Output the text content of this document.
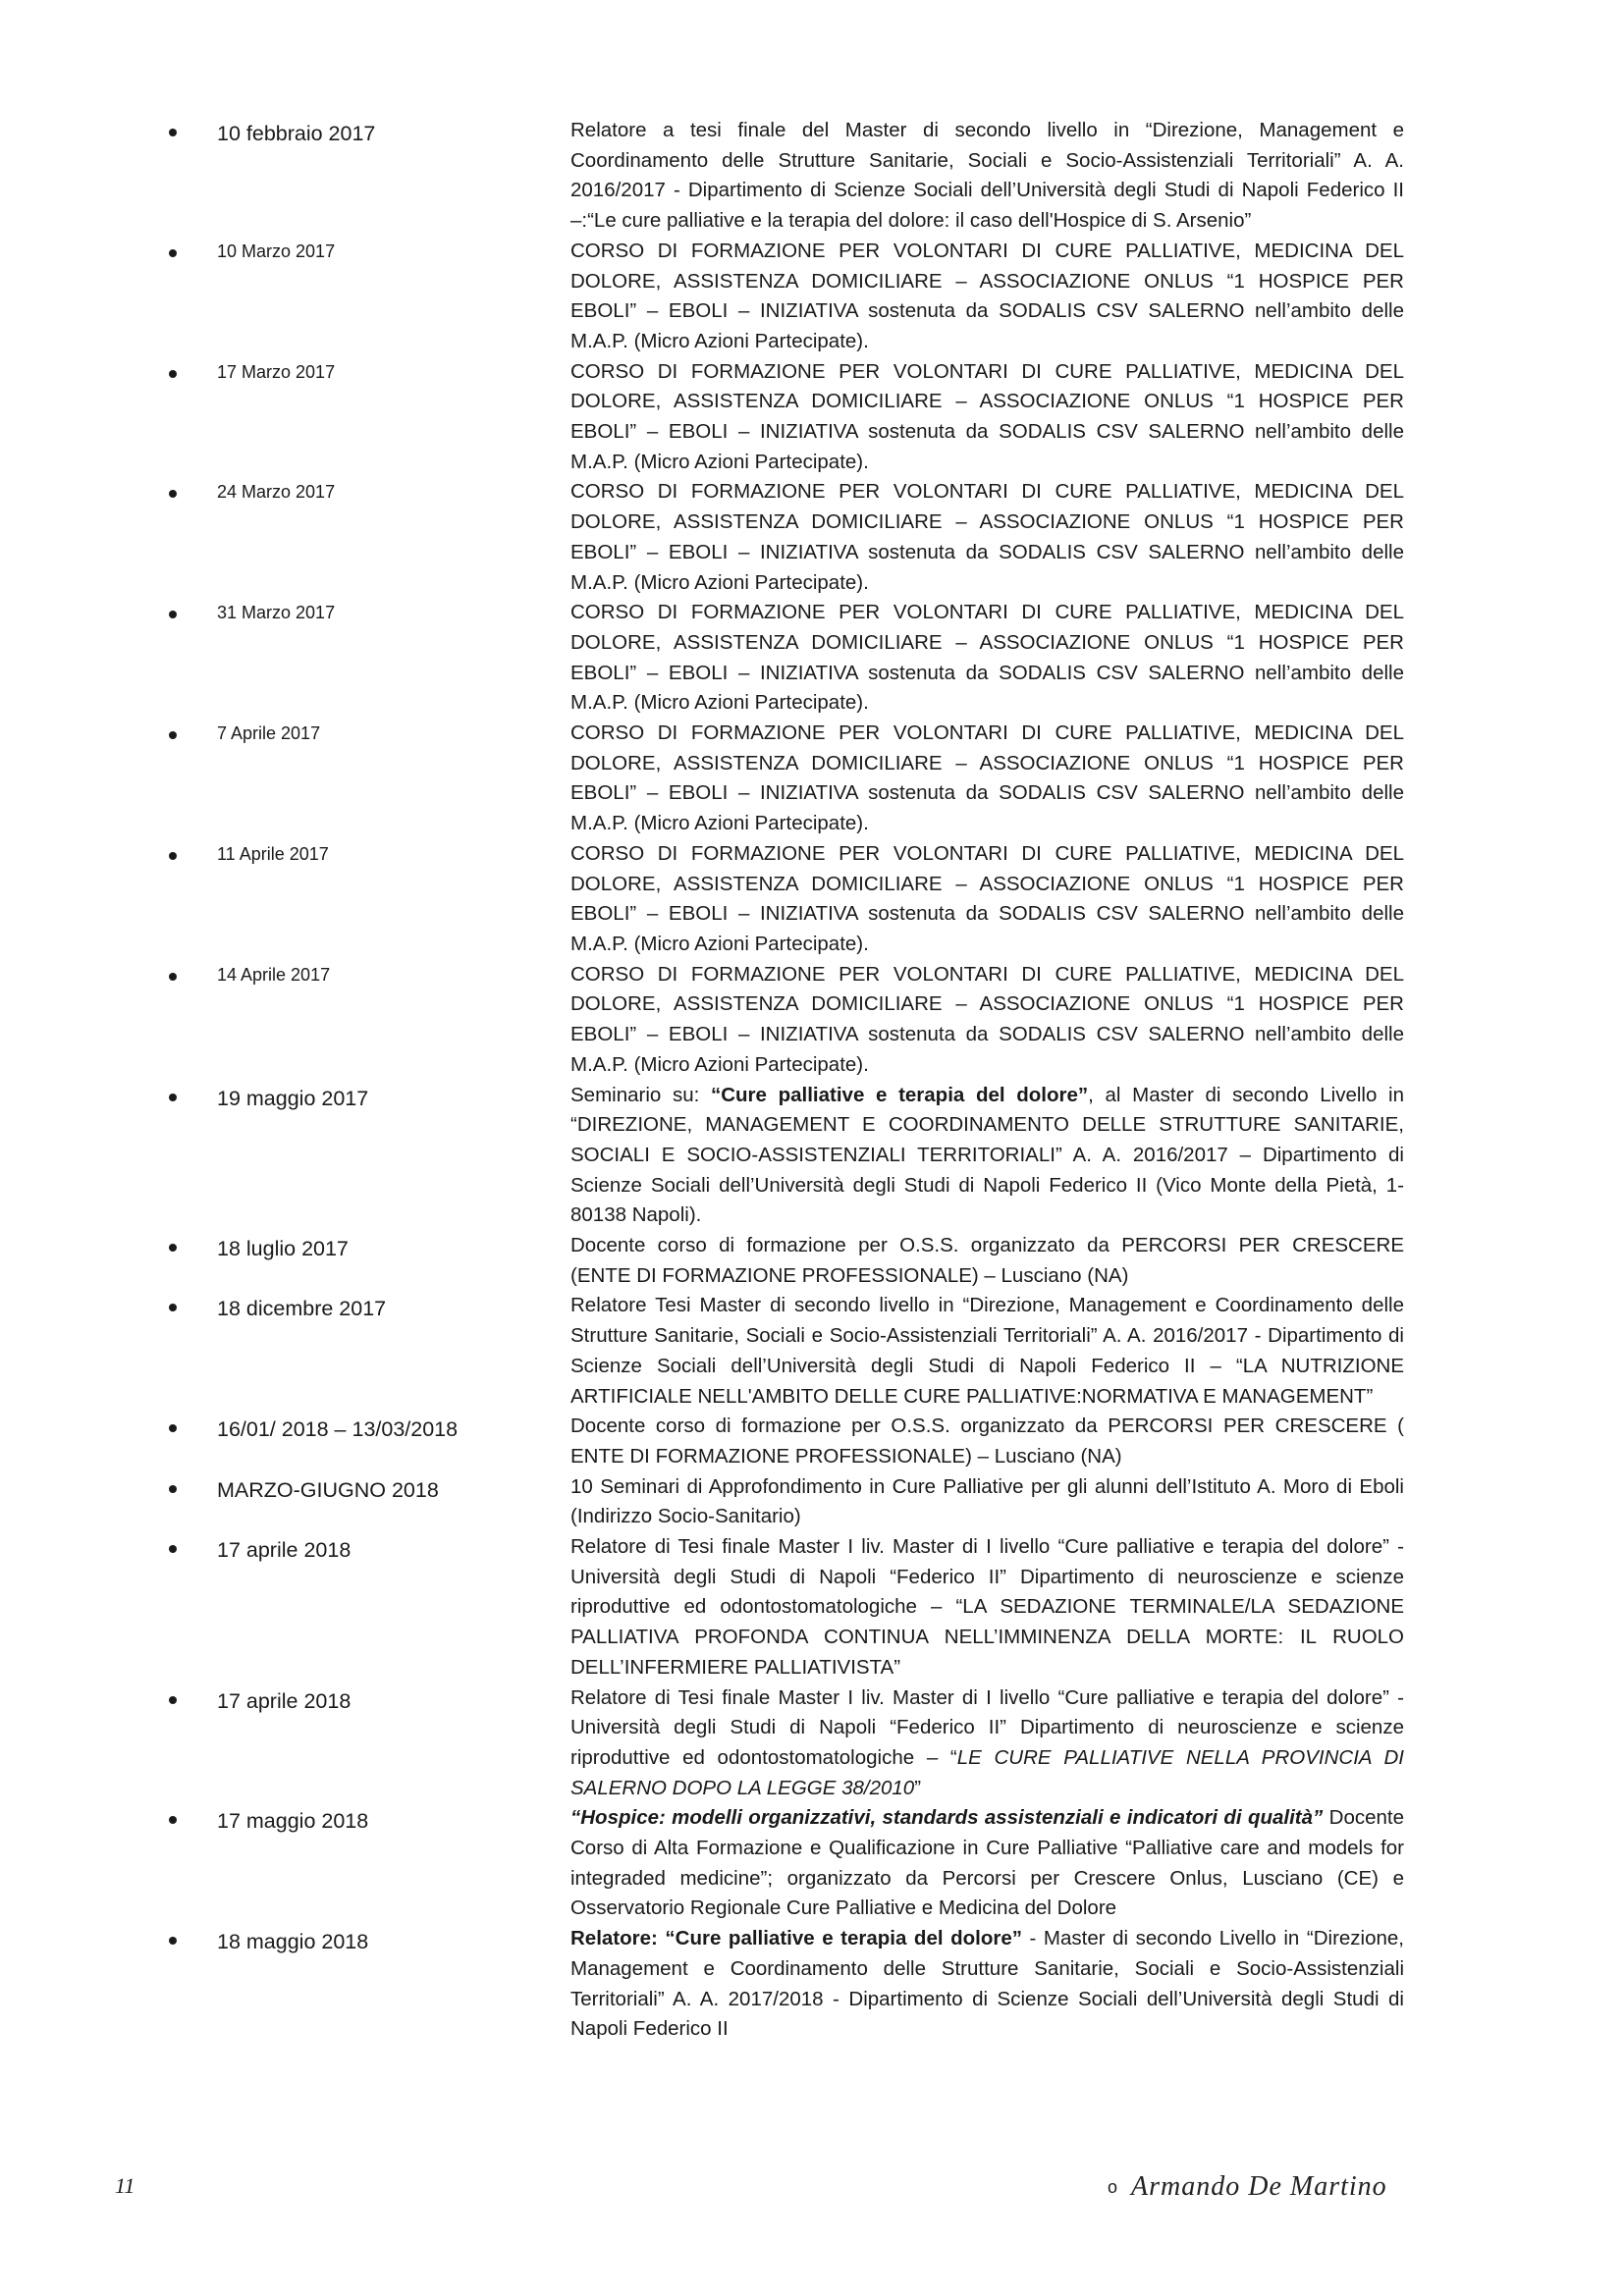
10 febbraio 2017	Relatore a tesi finale del Master di secondo livello in “Direzione, Management e Coordinamento delle Strutture Sanitarie, Sociali e Socio-Assistenziali Territoriali” A. A. 2016/2017 - Dipartimento di Scienze Sociali dell’Università degli Studi di Napoli Federico II –:“Le cure palliative e la terapia del dolore: il caso dell'Hospice di S. Arsenio”
10 Marzo 2017	CORSO DI FORMAZIONE PER VOLONTARI DI CURE PALLIATIVE, MEDICINA DEL DOLORE, ASSISTENZA DOMICILIARE – ASSOCIAZIONE ONLUS “1 HOSPICE PER EBOLI” – EBOLI – INIZIATIVA sostenuta da SODALIS CSV SALERNO nell’ambito delle M.A.P. (Micro Azioni Partecipate).
17 Marzo 2017	CORSO DI FORMAZIONE PER VOLONTARI DI CURE PALLIATIVE, MEDICINA DEL DOLORE, ASSISTENZA DOMICILIARE – ASSOCIAZIONE ONLUS “1 HOSPICE PER EBOLI” – EBOLI – INIZIATIVA sostenuta da SODALIS CSV SALERNO nell’ambito delle M.A.P. (Micro Azioni Partecipate).
24 Marzo 2017	CORSO DI FORMAZIONE PER VOLONTARI DI CURE PALLIATIVE, MEDICINA DEL DOLORE, ASSISTENZA DOMICILIARE – ASSOCIAZIONE ONLUS “1 HOSPICE PER EBOLI” – EBOLI – INIZIATIVA sostenuta da SODALIS CSV SALERNO nell’ambito delle M.A.P. (Micro Azioni Partecipate).
31 Marzo 2017	CORSO DI FORMAZIONE PER VOLONTARI DI CURE PALLIATIVE, MEDICINA DEL DOLORE, ASSISTENZA DOMICILIARE – ASSOCIAZIONE ONLUS “1 HOSPICE PER EBOLI” – EBOLI – INIZIATIVA sostenuta da SODALIS CSV SALERNO nell’ambito delle M.A.P. (Micro Azioni Partecipate).
7 Aprile 2017	CORSO DI FORMAZIONE PER VOLONTARI DI CURE PALLIATIVE, MEDICINA DEL DOLORE, ASSISTENZA DOMICILIARE – ASSOCIAZIONE ONLUS “1 HOSPICE PER EBOLI” – EBOLI – INIZIATIVA sostenuta da SODALIS CSV SALERNO nell’ambito delle M.A.P. (Micro Azioni Partecipate).
11 Aprile 2017	CORSO DI FORMAZIONE PER VOLONTARI DI CURE PALLIATIVE, MEDICINA DEL DOLORE, ASSISTENZA DOMICILIARE – ASSOCIAZIONE ONLUS “1 HOSPICE PER EBOLI” – EBOLI – INIZIATIVA sostenuta da SODALIS CSV SALERNO nell’ambito delle M.A.P. (Micro Azioni Partecipate).
14 Aprile 2017	CORSO DI FORMAZIONE PER VOLONTARI DI CURE PALLIATIVE, MEDICINA DEL DOLORE, ASSISTENZA DOMICILIARE – ASSOCIAZIONE ONLUS “1 HOSPICE PER EBOLI” – EBOLI – INIZIATIVA sostenuta da SODALIS CSV SALERNO nell’ambito delle M.A.P. (Micro Azioni Partecipate).
19 maggio 2017	Seminario su: “Cure palliative e terapia del dolore”, al Master di secondo Livello in “DIREZIONE, MANAGEMENT E COORDINAMENTO DELLE STRUTTURE SANITARIE, SOCIALI E SOCIO-ASSISTENZIALI TERRITORIALI” A. A. 2016/2017 – Dipartimento di Scienze Sociali dell’Università degli Studi di Napoli Federico II (Vico Monte della Pietà, 1-80138 Napoli).
18 luglio 2017	Docente corso di formazione per O.S.S. organizzato da PERCORSI PER CRESCERE (ENTE DI FORMAZIONE PROFESSIONALE) – Lusciano (NA)
18 dicembre 2017	Relatore Tesi Master di secondo livello in “Direzione, Management e Coordinamento delle Strutture Sanitarie, Sociali e Socio-Assistenziali Territoriali” A. A. 2016/2017 - Dipartimento di Scienze Sociali dell’Università degli Studi di Napoli Federico II – “LA NUTRIZIONE ARTIFICIALE NELL'AMBITO DELLE CURE PALLIATIVE:NORMATIVA E MANAGEMENT”
16/01/ 2018 – 13/03/2018	Docente corso di formazione per O.S.S. organizzato da PERCORSI PER CRESCERE ( ENTE DI FORMAZIONE PROFESSIONALE) – Lusciano (NA)
MARZO-GIUGNO 2018	10 Seminari di Approfondimento in Cure Palliative per gli alunni dell’Istituto A. Moro di Eboli (Indirizzo Socio-Sanitario)
17 aprile 2018	Relatore di Tesi finale Master I liv. Master di I livello “Cure palliative e terapia del dolore” - Università degli Studi di Napoli “Federico II” Dipartimento di neuroscienze e scienze riproduttive ed odontostomatologiche – “LA SEDAZIONE TERMINALE/LA SEDAZIONE PALLIATIVA PROFONDA CONTINUA NELL’IMMINENZA DELLA MORTE: IL RUOLO DELL’INFERMIERE PALLIATIVISTA”
17 aprile 2018	Relatore di Tesi finale Master I liv. Master di I livello “Cure palliative e terapia del dolore” - Università degli Studi di Napoli “Federico II” Dipartimento di neuroscienze e scienze riproduttive ed odontostomatologiche – “LE CURE PALLIATIVE NELLA PROVINCIA DI SALERNO DOPO LA LEGGE 38/2010”
17 maggio 2018	“Hospice: modelli organizzativi, standards assistenziali e indicatori di qualità” Docente Corso di Alta Formazione e Qualificazione in Cure Palliative “Palliative care and models for integraded medicine”; organizzato da Percorsi per Crescere Onlus, Lusciano (CE) e Osservatorio Regionale Cure Palliative e Medicina del Dolore
18 maggio 2018	Relatore: “Cure palliative e terapia del dolore” - Master di secondo Livello in “Direzione, Management e Coordinamento delle Strutture Sanitarie, Sociali e Socio-Assistenziali Territoriali” A. A. 2017/2018 - Dipartimento di Scienze Sociali dell’Università degli Studi di Napoli Federico II
11	o Armando De Martino
